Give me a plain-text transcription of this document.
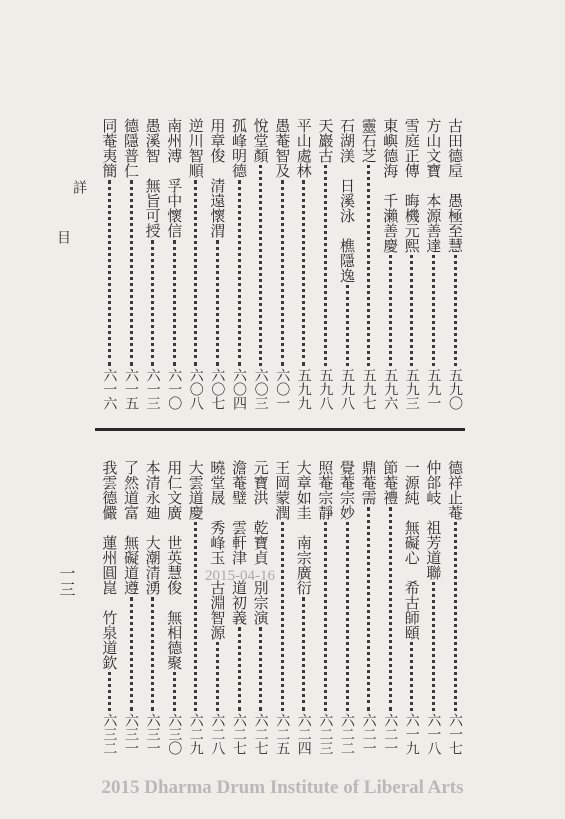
詳
目	古田德垕　愚極至慧
五九〇
方山文寶　本源善達
五九一
雪庭正傳　晦機元熙
五九三
東嶼德海　千瀨善慶
五九六
靈石芝
五九七
石湖渼　日溪泳　樵隱逸
五九八
天巖古
五九八
平山處林
五九九
愚菴智及
六〇一
悅堂顏
六〇三
孤峰明德
六〇四
用章俊　清遠懷渭
六〇七
逆川智順
六〇八
南州溥　孚中懷信
六一〇
愚溪智　無旨可授
六一三
德隱普仁
六一五
同菴夷簡
六一六
德祥止菴
六一七
仲郃岐　祖芳道聯
六一八
一源純　無礙心　希古師頤
六一九
節菴禮
六二一
鼎菴需
六二一
覺菴宗妙
六二二
照菴宗靜
六二三
大章如圭　南宗廣衍
六二四
王岡蒙潤
六二五
元寶洪　乾寶貞　別宗演
六二七
澹菴璧　雲軒津　道初義
六二七
曉堂晟　秀峰玉　古淵智源
六二八
大雲道慶
六二九
用仁文廣　世英慧俊　無相德聚
六三〇
本清永廸　大潮清湧
六三一
了然道富　無礙道遵
六三一
我雲德儼　蓮州圓崑　竹泉道欽
六三二
一三	2015-04-16
2015 Dharma Drum Institute of Liberal Arts
